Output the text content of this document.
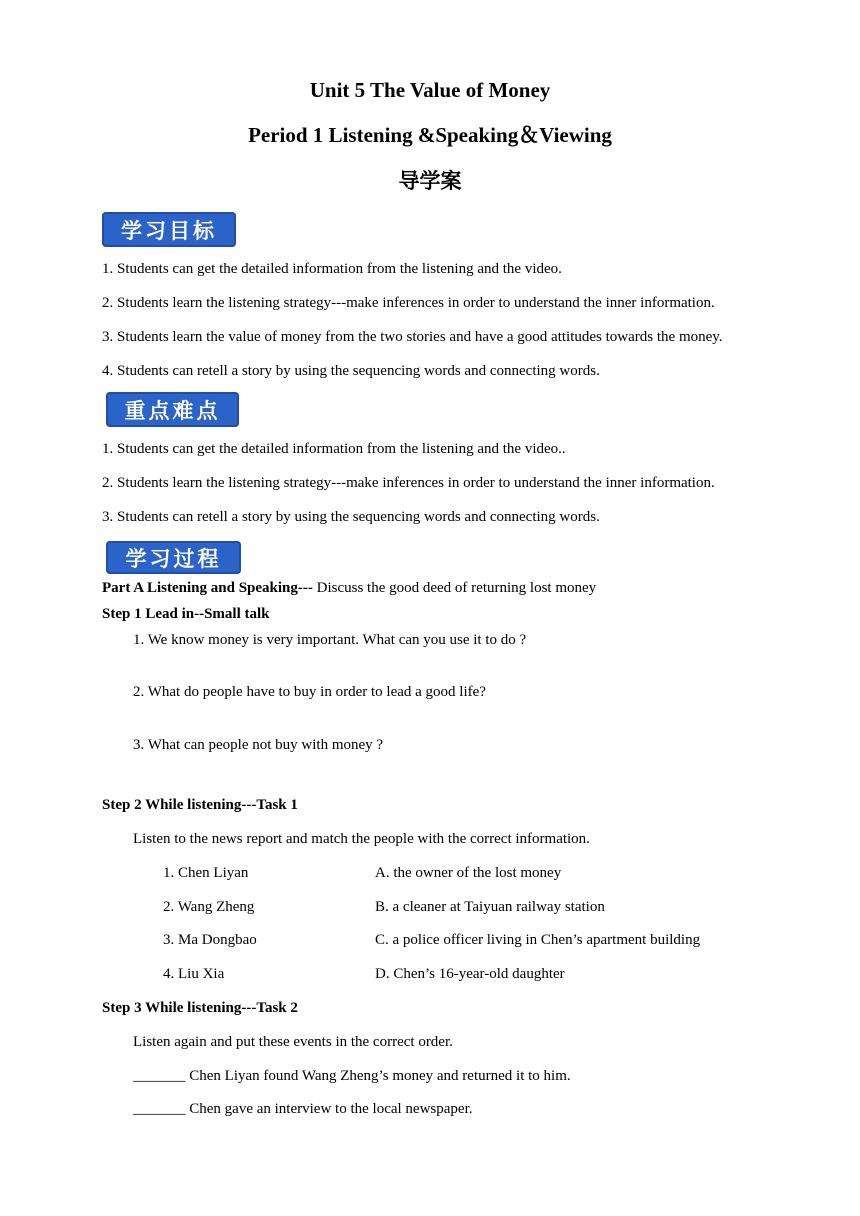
Unit 5 The Value of Money
Period 1 Listening &Speaking＆Viewing
导学案
学习目标
1. Students can get the detailed information from the listening and the video.
2. Students learn the listening strategy---make inferences in order to understand the inner information.
3. Students learn the value of money from the two stories and have a good attitudes towards the money.
4. Students can retell a story by using the sequencing words and connecting words.
重点难点
1. Students can get the detailed information from the listening and the video..
2. Students learn the listening strategy---make inferences in order to understand the inner information.
3. Students can retell a story by using the sequencing words and connecting words.
学习过程
Part A Listening and Speaking--- Discuss the good deed of returning lost money
Step 1 Lead in--Small talk
1. We know money is very important. What can you use it to do ?
2. What do people have to buy in order to lead a good life?
3. What can people not buy with money ?
Step 2 While listening---Task 1
Listen to the news report and match the people with the correct information.
1. Chen Liyan	A. the owner of the lost money
2. Wang Zheng	B. a cleaner at Taiyuan railway station
3. Ma Dongbao	C. a police officer living in Chen’s apartment building
4. Liu Xia	D. Chen’s 16-year-old daughter
Step 3 While listening---Task 2
Listen again and put these events in the correct order.
_______ Chen Liyan found Wang Zheng’s money and returned it to him.
_______ Chen gave an interview to the local newspaper.
